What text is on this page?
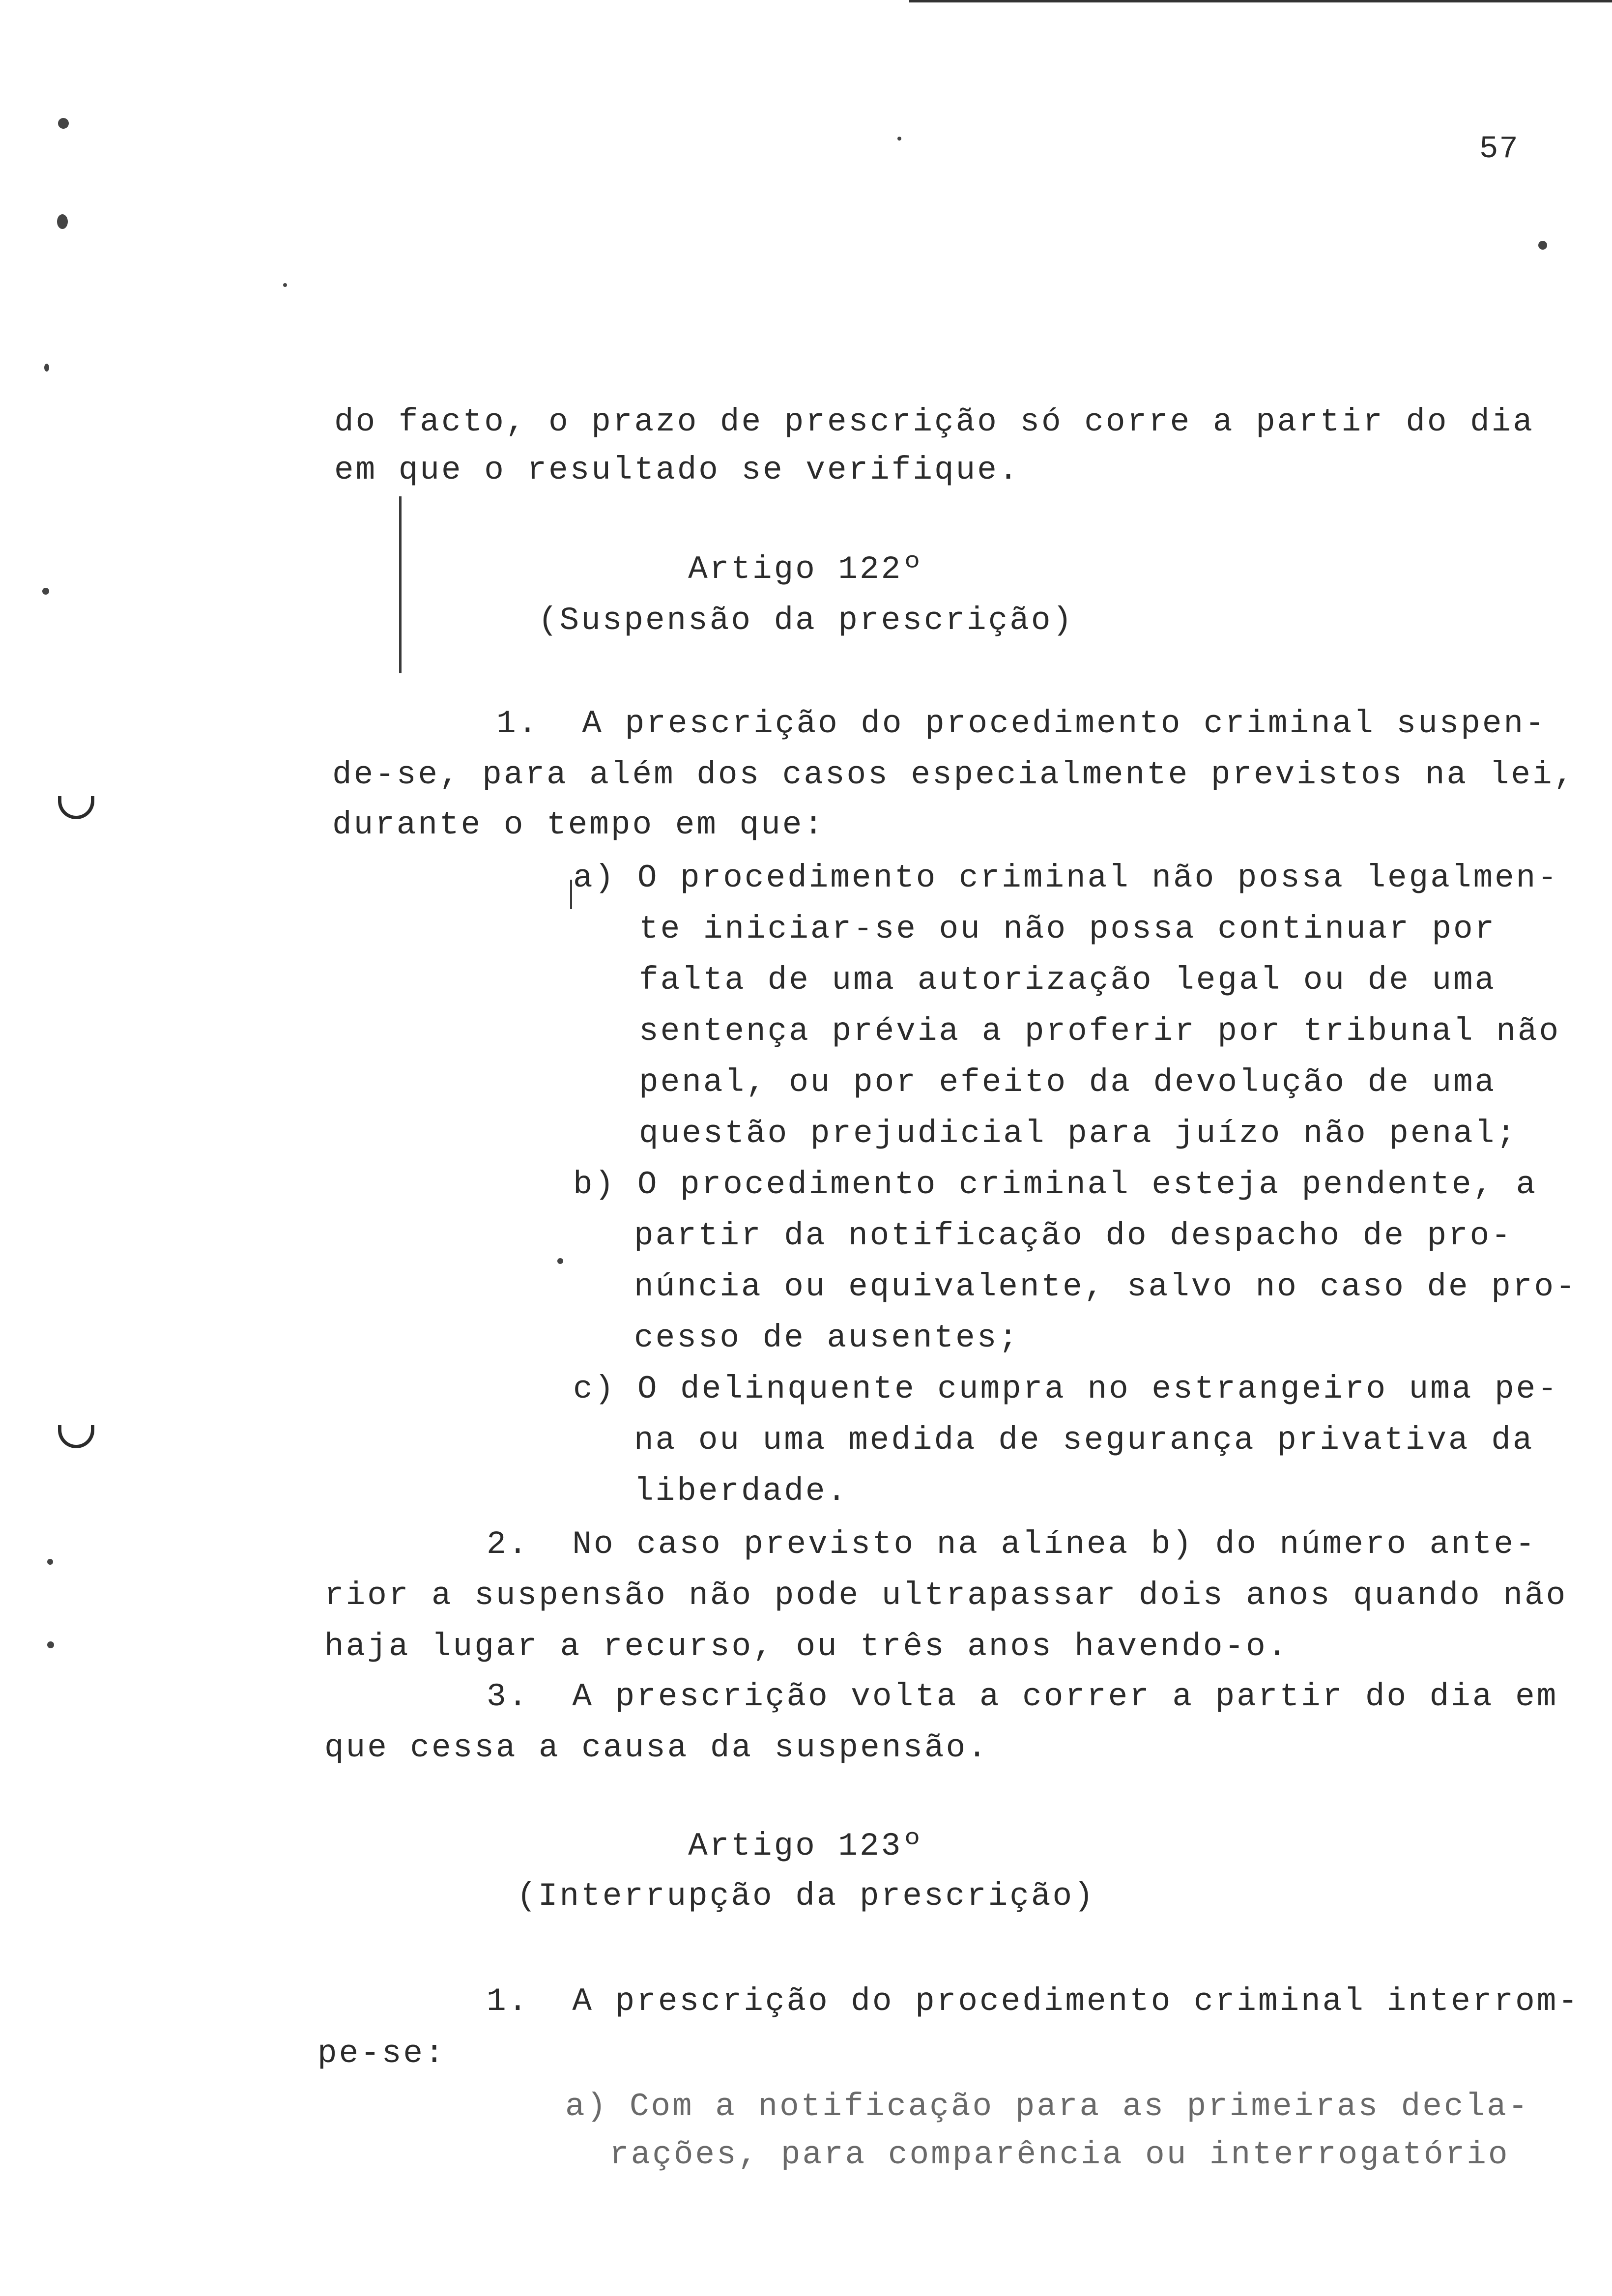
57
do facto, o prazo de prescrição só corre a partir do dia
em que o resultado se verifique.
Artigo 122º
(Suspensão da prescrição)
1.  A prescrição do procedimento criminal suspen-
de-se, para além dos casos especialmente previstos na lei,
durante o tempo em que:
a) O procedimento criminal não possa legalmen-
te iniciar-se ou não possa continuar por
falta de uma autorização legal ou de uma
sentença prévia a proferir por tribunal não
penal, ou por efeito da devolução de uma
questão prejudicial para juízo não penal;
b) O procedimento criminal esteja pendente, a
partir da notificação do despacho de pro-
núncia ou equivalente, salvo no caso de pro-
cesso de ausentes;
c) O delinquente cumpra no estrangeiro uma pe-
na ou uma medida de segurança privativa da
liberdade.
2.  No caso previsto na alínea b) do número ante-
rior a suspensão não pode ultrapassar dois anos quando não
haja lugar a recurso, ou três anos havendo-o.
3.  A prescrição volta a correr a partir do dia em
que cessa a causa da suspensão.
Artigo 123º
(Interrupção da prescrição)
1.  A prescrição do procedimento criminal interrom-
pe-se:
a) Com a notificação para as primeiras decla-
rações, para comparência ou interrogatório
